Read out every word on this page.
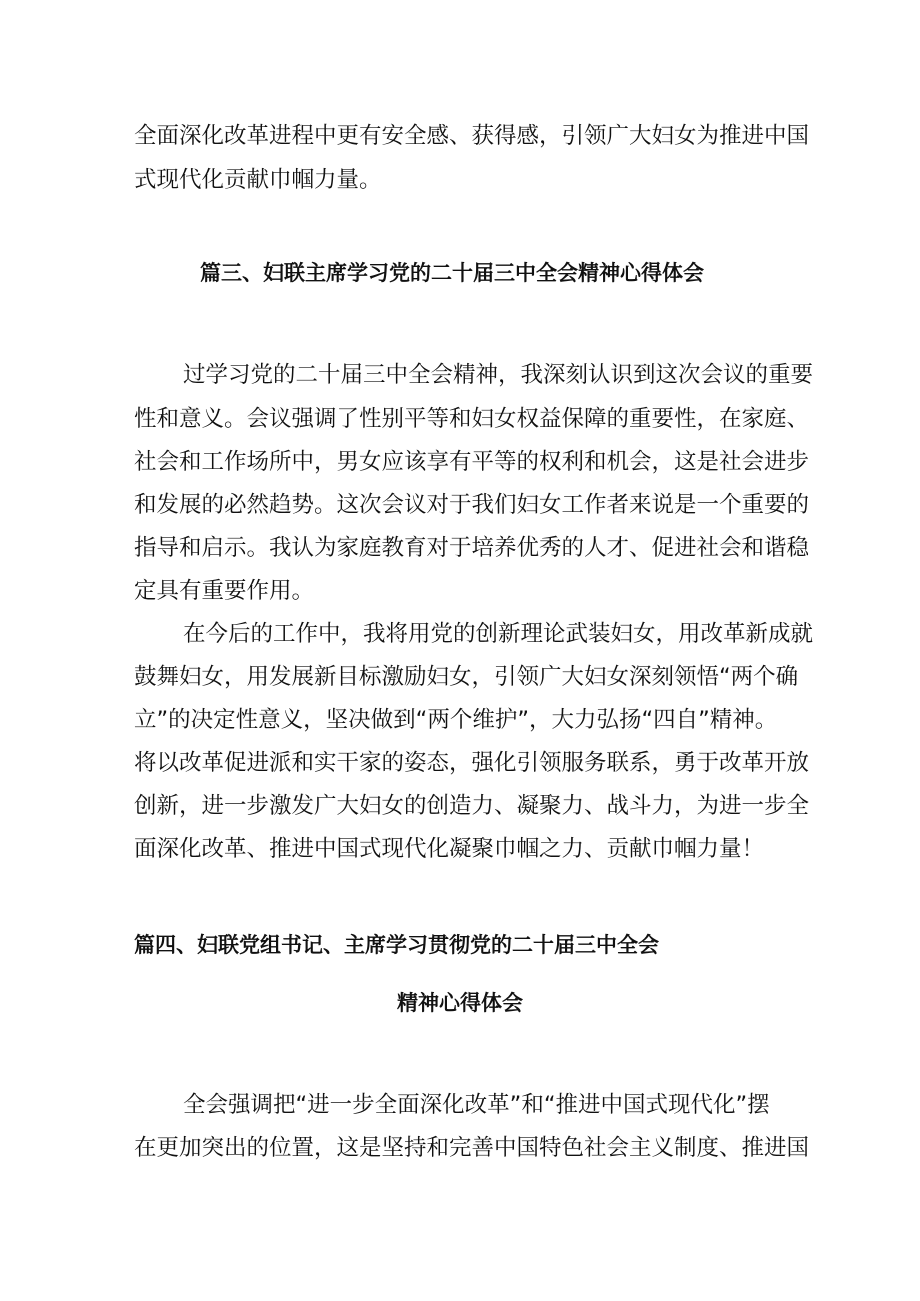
全面深化改革进程中更有安全感、获得感，引领广大妇女为推进中国
式现代化贡献巾帼力量。
篇三、妇联主席学习党的二十届三中全会精神心得体会
过学习党的二十届三中全会精神，我深刻认识到这次会议的重要
性和意义。会议强调了性别平等和妇女权益保障的重要性，在家庭、
社会和工作场所中，男女应该享有平等的权利和机会，这是社会进步
和发展的必然趋势。这次会议对于我们妇女工作者来说是一个重要的
指导和启示。我认为家庭教育对于培养优秀的人才、促进社会和谐稳
定具有重要作用。
在今后的工作中，我将用党的创新理论武装妇女，用改革新成就
鼓舞妇女，用发展新目标激励妇女，引领广大妇女深刻领悟“两个确
立”的决定性意义，坚决做到“两个维护”，大力弘扬“四自”精神。
将以改革促进派和实干家的姿态，强化引领服务联系，勇于改革开放
创新，进一步激发广大妇女的创造力、凝聚力、战斗力，为进一步全
面深化改革、推进中国式现代化凝聚巾帼之力、贡献巾帼力量！
篇四、妇联党组书记、主席学习贯彻党的二十届三中全会
精神心得体会
全会强调把“进一步全面深化改革”和“推进中国式现代化”摆
在更加突出的位置，这是坚持和完善中国特色社会主义制度、推进国
